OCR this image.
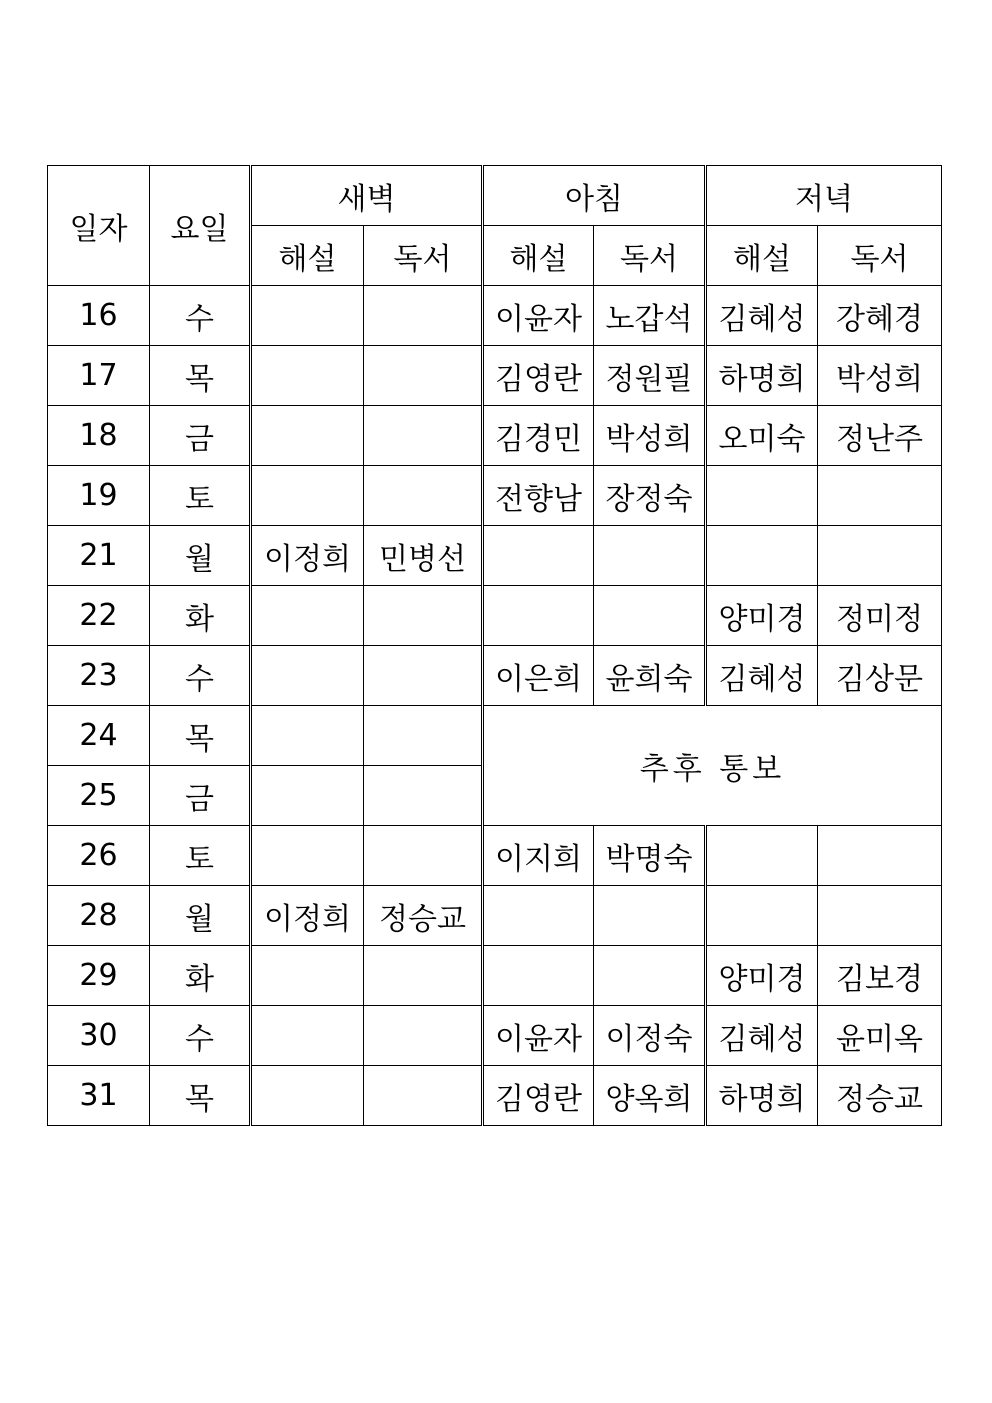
일자	요일	새벽		아침		저녁	
		해설	독서	해설	독서	해설	독서
16	수			이윤자	노갑석	김혜성	강혜경
17	목			김영란	정원필	하명희	박성희
18	금			김경민	박성희	오미숙	정난주
19	토			전향남	장정숙		
21	월	이정희	민병선				
22	화					양미경	정미정
23	수			이은희	윤희숙	김혜성	김상문
24	목			추후 통보			
25	금						
26	토			이지희	박명숙		
28	월	이정희	정승교				
29	화					양미경	김보경
30	수			이윤자	이정숙	김혜성	윤미옥
31	목			김영란	양옥희	하명희	정승교
